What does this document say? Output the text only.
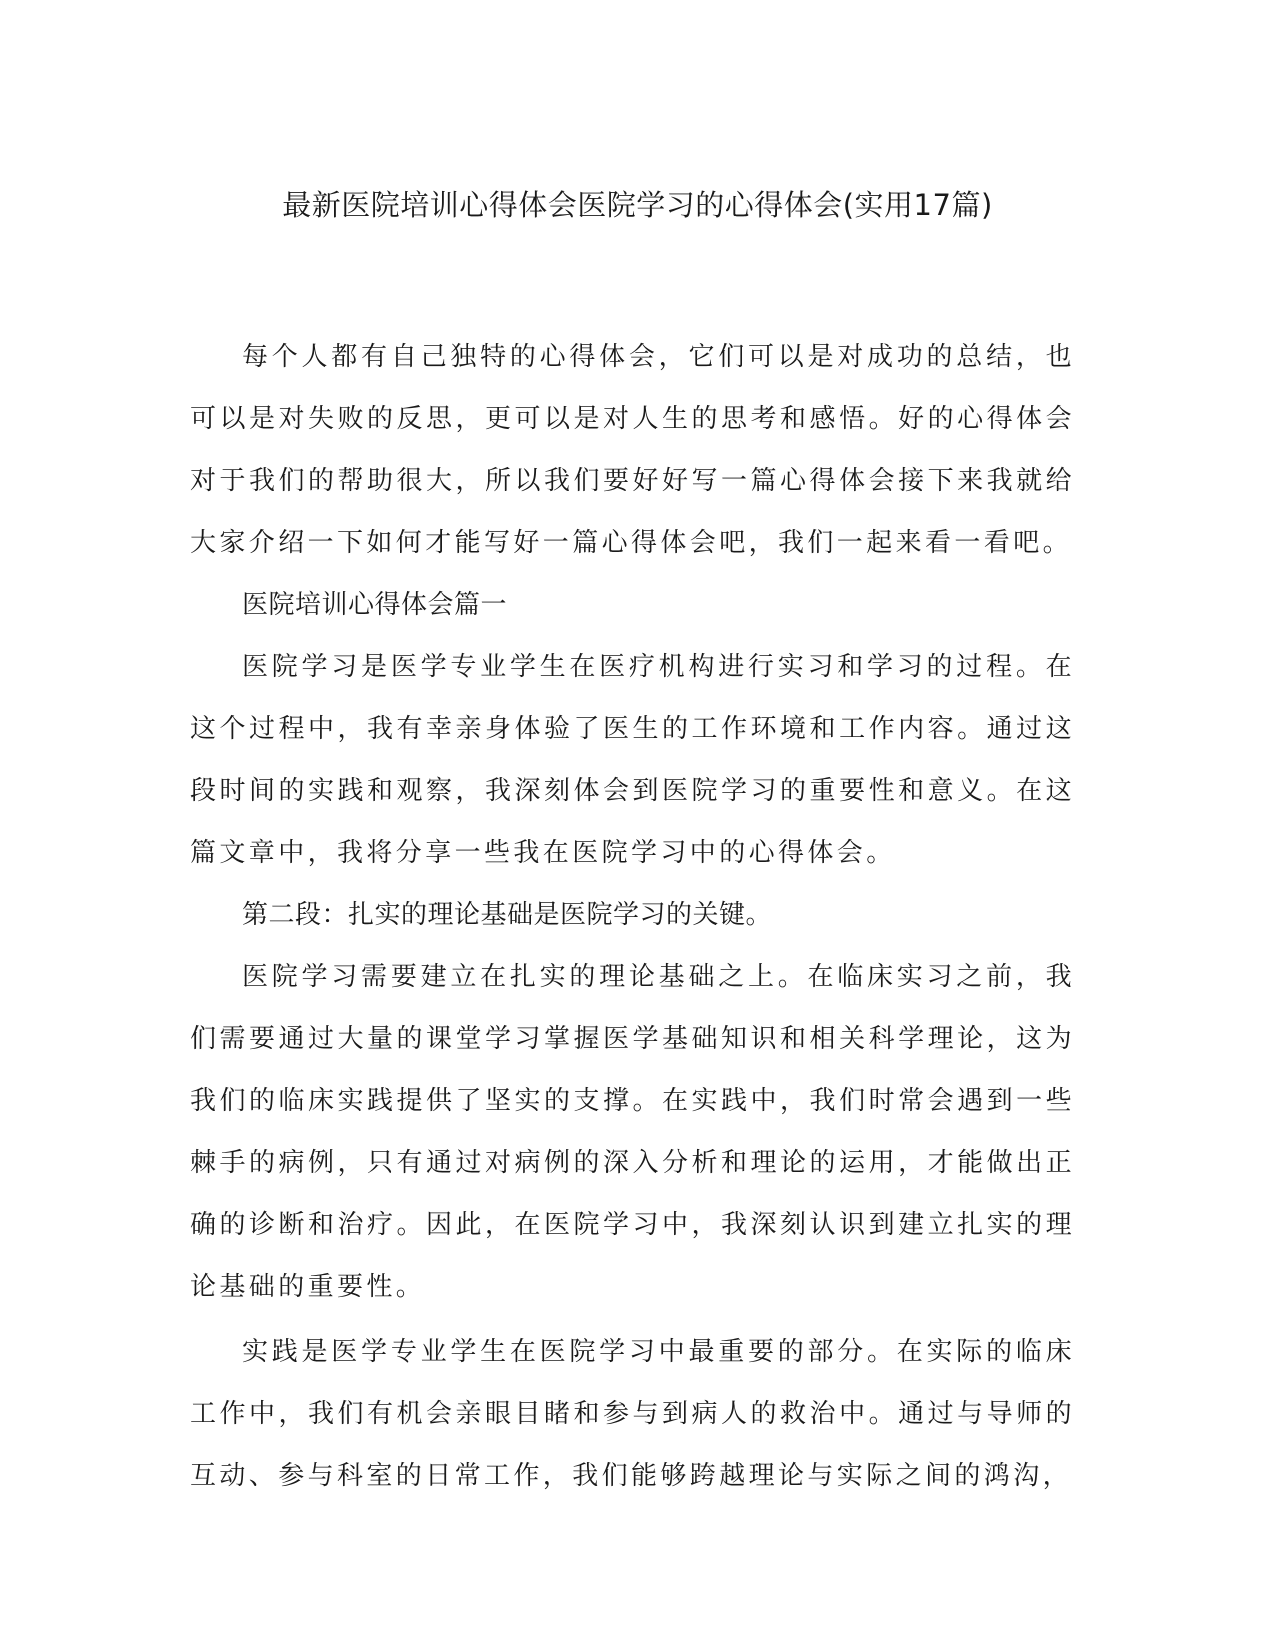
最新医院培训心得体会医院学习的心得体会(实用17篇)

每个人都有自己独特的心得体会，它们可以是对成功的总结，也可以是对失败的反思，更可以是对人生的思考和感悟。好的心得体会对于我们的帮助很大，所以我们要好好写一篇心得体会接下来我就给大家介绍一下如何才能写好一篇心得体会吧，我们一起来看一看吧。

医院培训心得体会篇一

医院学习是医学专业学生在医疗机构进行实习和学习的过程。在这个过程中，我有幸亲身体验了医生的工作环境和工作内容。通过这段时间的实践和观察，我深刻体会到医院学习的重要性和意义。在这篇文章中，我将分享一些我在医院学习中的心得体会。

第二段：扎实的理论基础是医院学习的关键。

医院学习需要建立在扎实的理论基础之上。在临床实习之前，我们需要通过大量的课堂学习掌握医学基础知识和相关科学理论，这为我们的临床实践提供了坚实的支撑。在实践中，我们时常会遇到一些棘手的病例，只有通过对病例的深入分析和理论的运用，才能做出正确的诊断和治疗。因此，在医院学习中，我深刻认识到建立扎实的理论基础的重要性。

实践是医学专业学生在医院学习中最重要的部分。在实际的临床工作中，我们有机会亲眼目睹和参与到病人的救治中。通过与导师的互动、参与科室的日常工作，我们能够跨越理论与实际之间的鸿沟，
